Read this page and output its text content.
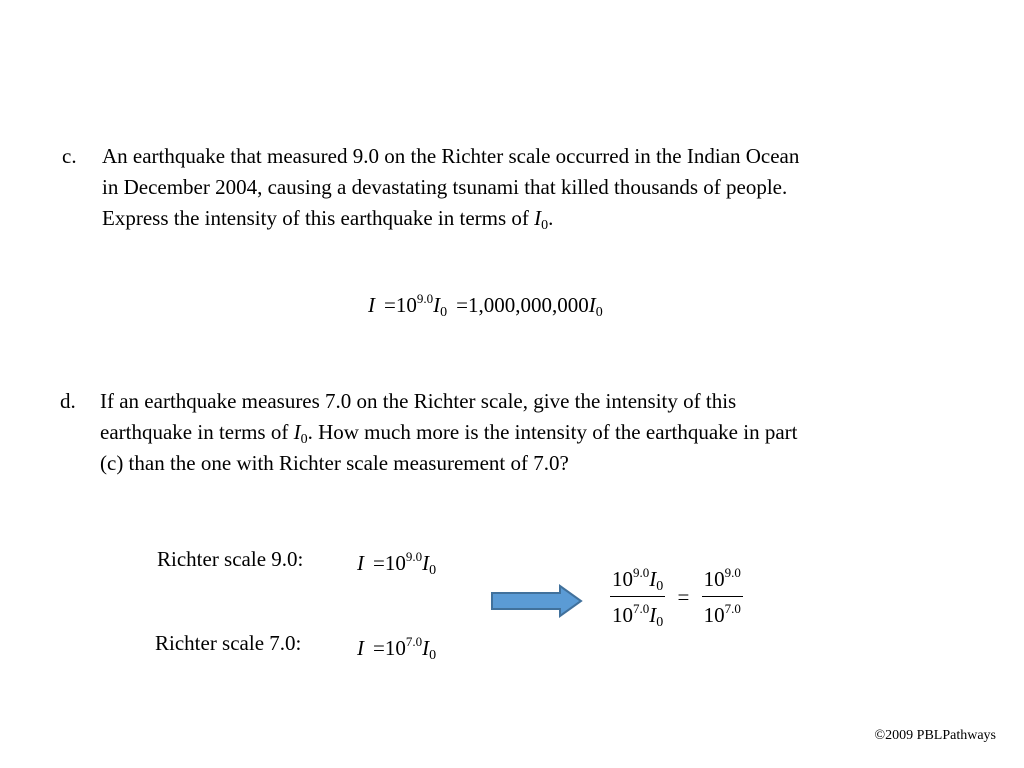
c. An earthquake that measured 9.0 on the Richter scale occurred in the Indian Ocean
in December 2004, causing a devastating tsunami that killed thousands of people.
Express the intensity of this earthquake in terms of $I_0$.
$I =10^{9.0}I_0 =1,000,000,000I_0$
d. If an earthquake measures 7.0 on the Richter scale, give the intensity of this
earthquake in terms of $I_0$. How much more is the intensity of the earthquake in part
(c) than the one with Richter scale measurement of 7.0?
Richter scale 9.0:	$I =10^{9.0}I_0$
Richter scale 7.0:	$I =10^{7.0}I_0$
$\frac{10^{9.0}I_0}{10^{7.0}I_0} = \frac{10^{9.0}}{10^{7.0}}$
©2009 PBLPathways
